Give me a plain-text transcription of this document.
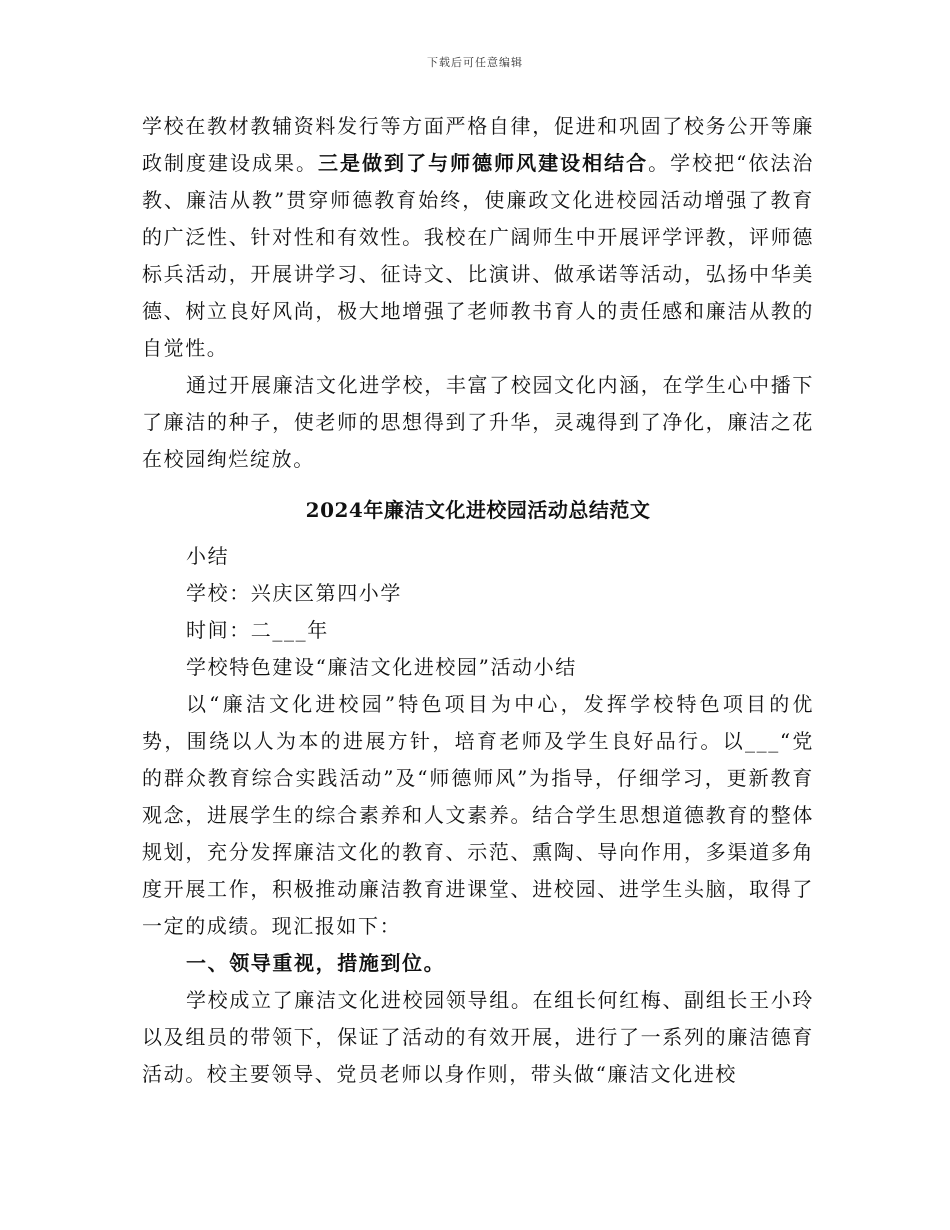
下载后可任意编辑

学校在教材教辅资料发行等方面严格自律，促进和巩固了校务公开等廉政制度建设成果。三是做到了与师德师风建设相结合。学校把“依法治教、廉洁从教”贯穿师德教育始终，使廉政文化进校园活动增强了教育的广泛性、针对性和有效性。我校在广阔师生中开展评学评教，评师德标兵活动，开展讲学习、征诗文、比演讲、做承诺等活动，弘扬中华美德、树立良好风尚，极大地增强了老师教书育人的责任感和廉洁从教的自觉性。

通过开展廉洁文化进学校，丰富了校园文化内涵，在学生心中播下了廉洁的种子，使老师的思想得到了升华，灵魂得到了净化，廉洁之花在校园绚烂绽放。

2024年廉洁文化进校园活动总结范文

小结

学校：兴庆区第四小学

时间：二___年

学校特色建设“廉洁文化进校园”活动小结

以“廉洁文化进校园”特色项目为中心，发挥学校特色项目的优势，围绕以人为本的进展方针，培育老师及学生良好品行。以___“党的群众教育综合实践活动”及“师德师风”为指导，仔细学习，更新教育观念，进展学生的综合素养和人文素养。结合学生思想道德教育的整体规划，充分发挥廉洁文化的教育、示范、熏陶、导向作用，多渠道多角度开展工作，积极推动廉洁教育进课堂、进校园、进学生头脑，取得了一定的成绩。现汇报如下：

一、领导重视，措施到位。

学校成立了廉洁文化进校园领导组。在组长何红梅、副组长王小玲以及组员的带领下，保证了活动的有效开展，进行了一系列的廉洁德育活动。校主要领导、党员老师以身作则，带头做“廉洁文化进校
